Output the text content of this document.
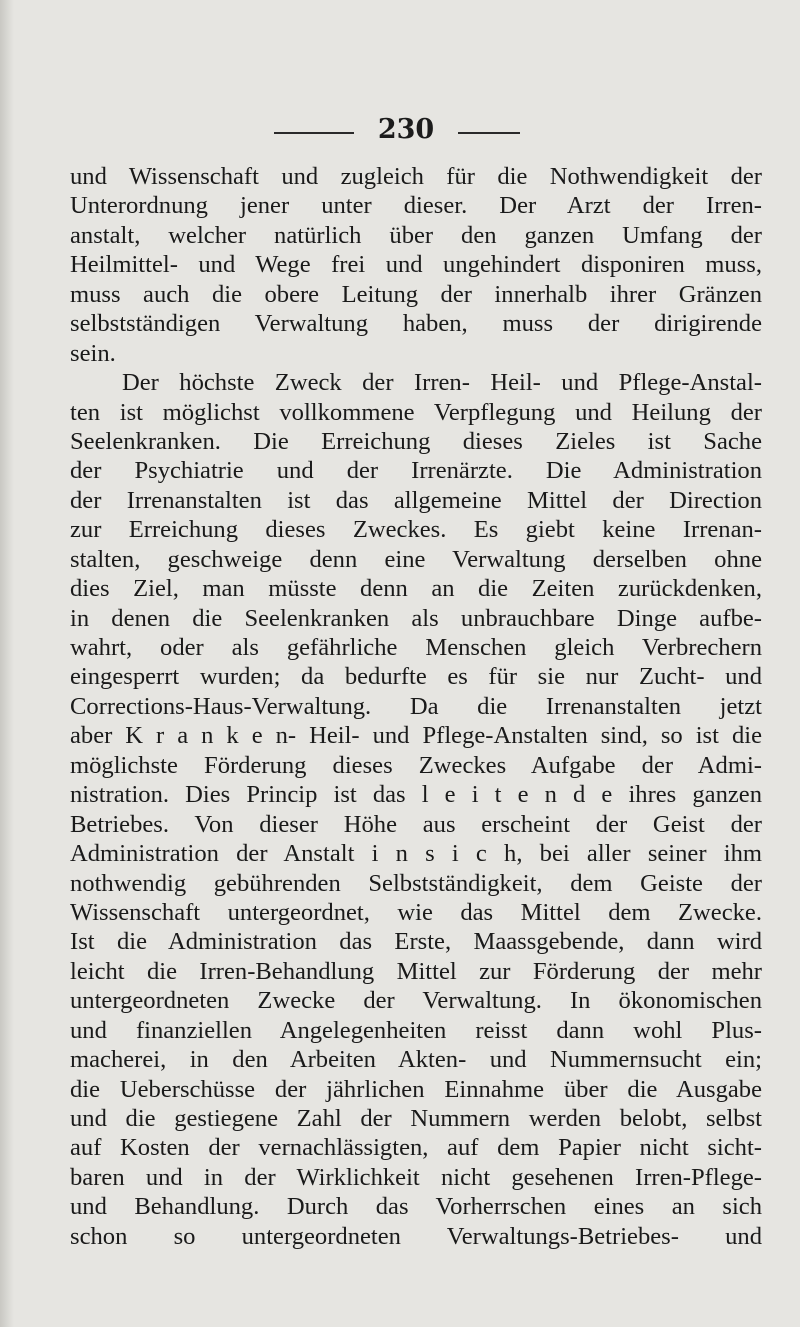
230
und Wissenschaft und zugleich für die Nothwendigkeit der
Unterordnung jener unter dieser. Der Arzt der Irren-
anstalt, welcher natürlich über den ganzen Umfang der
Heilmittel- und Wege frei und ungehindert disponiren muss,
muss auch die obere Leitung der innerhalb ihrer Gränzen
selbstständigen Verwaltung haben, muss der dirigirende
sein.
Der höchste Zweck der Irren- Heil- und Pflege-Anstal-
ten ist möglichst vollkommene Verpflegung und Heilung der
Seelenkranken. Die Erreichung dieses Zieles ist Sache
der Psychiatrie und der Irrenärzte. Die Administration
der Irrenanstalten ist das allgemeine Mittel der Direction
zur Erreichung dieses Zweckes. Es giebt keine Irrenan-
stalten, geschweige denn eine Verwaltung derselben ohne
dies Ziel, man müsste denn an die Zeiten zurückdenken,
in denen die Seelenkranken als unbrauchbare Dinge aufbe-
wahrt, oder als gefährliche Menschen gleich Verbrechern
eingesperrt wurden; da bedurfte es für sie nur Zucht- und
Corrections-Haus-Verwaltung. Da die Irrenanstalten jetzt
aber K r a n k e n- Heil- und Pflege-Anstalten sind, so ist die
möglichste Förderung dieses Zweckes Aufgabe der Admi-
nistration. Dies Princip ist das l e i t e n d e ihres ganzen
Betriebes. Von dieser Höhe aus erscheint der Geist der
Administration der Anstalt i n s i c h, bei aller seiner ihm
nothwendig gebührenden Selbstständigkeit, dem Geiste der
Wissenschaft untergeordnet, wie das Mittel dem Zwecke.
Ist die Administration das Erste, Maassgebende, dann wird
leicht die Irren-Behandlung Mittel zur Förderung der mehr
untergeordneten Zwecke der Verwaltung. In ökonomischen
und finanziellen Angelegenheiten reisst dann wohl Plus-
macherei, in den Arbeiten Akten- und Nummernsucht ein;
die Ueberschüsse der jährlichen Einnahme über die Ausgabe
und die gestiegene Zahl der Nummern werden belobt, selbst
auf Kosten der vernachlässigten, auf dem Papier nicht sicht-
baren und in der Wirklichkeit nicht gesehenen Irren-Pflege-
und Behandlung. Durch das Vorherrschen eines an sich
schon so untergeordneten Verwaltungs-Betriebes- und
